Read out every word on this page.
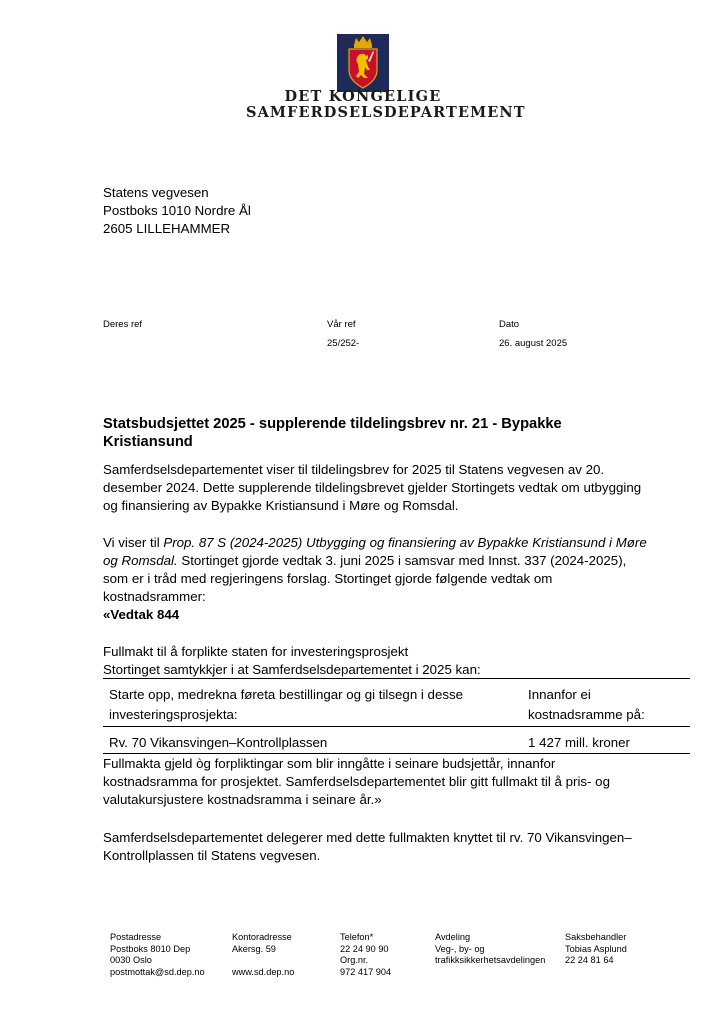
DET KONGELIGE
SAMFERDSELSDEPARTEMENT
Statens vegvesen
Postboks 1010 Nordre Ål
2605 LILLEHAMMER
Deres ref	Vår ref
25/252-
Dato
26. august 2025
Statsbudsjettet 2025 - supplerende tildelingsbrev nr. 21 - Bypakke
Kristiansund
Samferdselsdepartementet viser til tildelingsbrev for 2025 til Statens vegvesen av 20.
desember 2024. Dette supplerende tildelingsbrevet gjelder Stortingets vedtak om utbygging
og finansiering av Bypakke Kristiansund i Møre og Romsdal.
Vi viser til Prop. 87 S (2024-2025) Utbygging og finansiering av Bypakke Kristiansund i Møre
og Romsdal. Stortinget gjorde vedtak 3. juni 2025 i samsvar med Innst. 337 (2024-2025),
som er i tråd med regjeringens forslag. Stortinget gjorde følgende vedtak om
kostnadsrammer:
«Vedtak 844
Fullmakt til å forplikte staten for investeringsprosjekt
Stortinget samtykkjer i at Samferdselsdepartementet i 2025 kan:
Starte opp, medrekna føreta bestillingar og gi tilsegn i desse
investeringsprosjekta:
Innanfor ei
kostnadsramme på:
Rv. 70 Vikansvingen–Kontrollplassen	1 427 mill. kroner
Fullmakta gjeld òg forpliktingar som blir inngåtte i seinare budsjettår, innanfor
kostnadsramma for prosjektet. Samferdselsdepartementet blir gitt fullmakt til å pris- og
valutakursjustere kostnadsramma i seinare år.»
Samferdselsdepartementet delegerer med dette fullmakten knyttet til rv. 70 Vikansvingen–
Kontrollplassen til Statens vegvesen.
Postadresse
Postboks 8010 Dep
0030 Oslo
postmottak@sd.dep.no
Kontoradresse
Akersg. 59
www.sd.dep.no
Telefon*
22 24 90 90
Org.nr.
972 417 904
Avdeling
Veg-, by- og
trafikksikkerhetsavdelingen
Saksbehandler
Tobias Asplund
22 24 81 64
